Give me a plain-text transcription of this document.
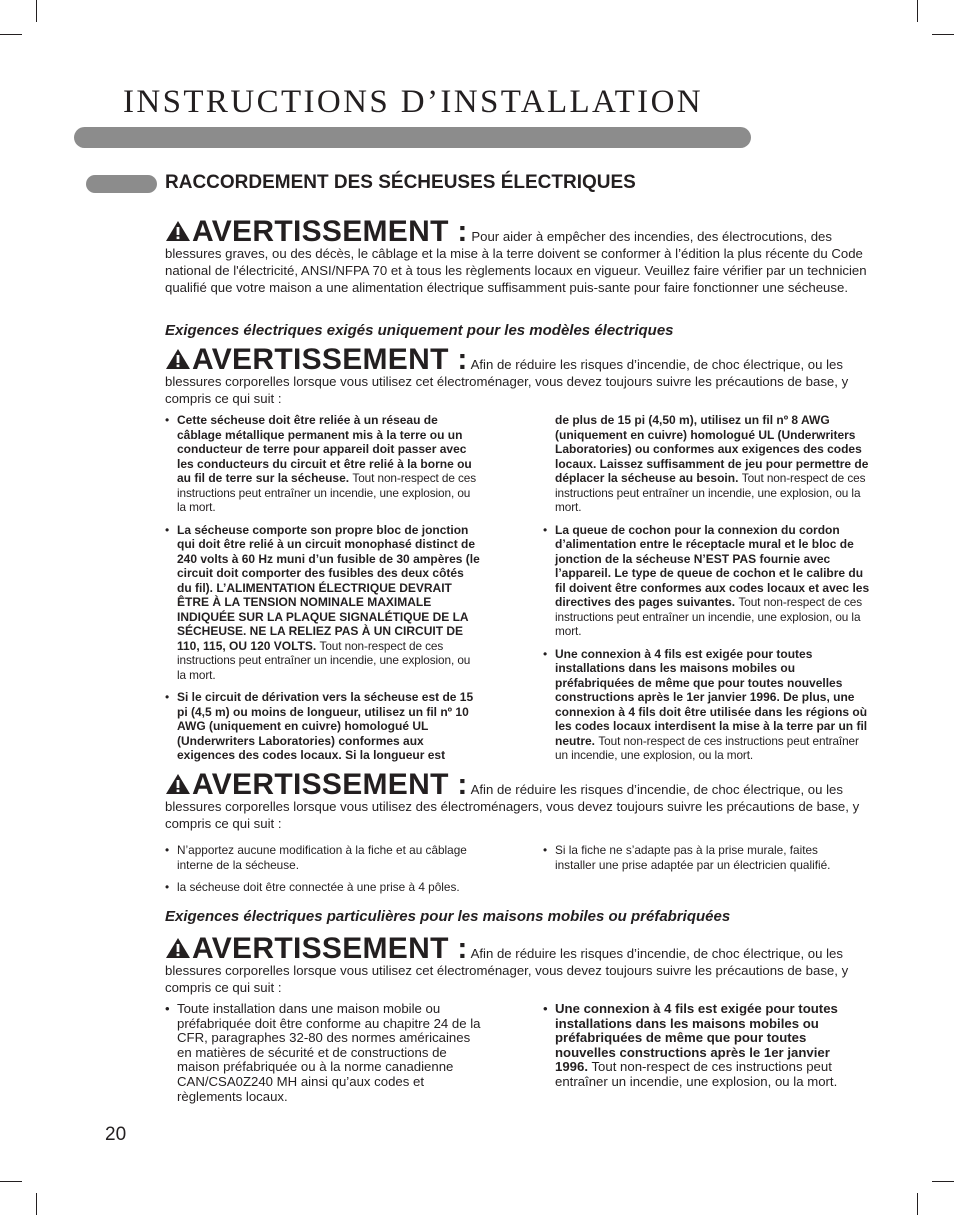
INSTRUCTIONS D’INSTALLATION
RACCORDEMENT DES SÉCHEUSES ÉLECTRIQUES
AVERTISSEMENT : Pour aider à empêcher des incendies, des électrocutions, des blessures graves, ou des décès, le câblage et la mise à la terre doivent se conformer à l’édition la plus récente du Code national de l'électricité, ANSI/NFPA 70 et à tous les règlements locaux en vigueur. Veuillez faire vérifier par un technicien qualifié que votre maison a une alimentation électrique suffisamment puis-sante pour faire fonctionner une sécheuse.
Exigences électriques exigés uniquement pour les modèles électriques
AVERTISSEMENT : Afin de réduire les risques d’incendie, de choc électrique, ou les blessures corporelles lorsque vous utilisez cet électroménager, vous devez toujours suivre les précautions de base, y compris ce qui suit :
• Cette sécheuse doit être reliée à un réseau de câblage métallique permanent mis à la terre ou un conducteur de terre pour appareil doit passer avec les conducteurs du circuit et être relié à la borne ou au fil de terre sur la sécheuse. Tout non-respect de ces instructions peut entraîner un incendie, une explosion, ou la mort.
• La sécheuse comporte son propre bloc de jonction qui doit être relié à un circuit monophasé distinct de 240 volts à 60 Hz muni d’un fusible de 30 ampères (le circuit doit comporter des fusibles des deux côtés du fil). L’ALIMENTATION ÉLECTRIQUE DEVRAIT ÊTRE À LA TENSION NOMINALE MAXIMALE INDIQUÉE SUR LA PLAQUE SIGNALÉTIQUE DE LA SÉCHEUSE. NE LA RELIEZ PAS À UN CIRCUIT DE 110, 115, OU 120 VOLTS. Tout non-respect de ces instructions peut entraîner un incendie, une explosion, ou la mort.
• Si le circuit de dérivation vers la sécheuse est de 15 pi (4,5 m) ou moins de longueur, utilisez un fil nº 10 AWG (uniquement en cuivre) homologué UL (Underwriters Laboratories) conformes aux exigences des codes locaux. Si la longueur est
de plus de 15 pi (4,50 m), utilisez un fil nº 8 AWG (uniquement en cuivre) homologué UL (Underwriters Laboratories) ou conformes aux exigences des codes locaux. Laissez suffisamment de jeu pour permettre de déplacer la sécheuse au besoin. Tout non-respect de ces instructions peut entraîner un incendie, une explosion, ou la mort.
• La queue de cochon pour la connexion du cordon d’alimentation entre le réceptacle mural et le bloc de jonction de la sécheuse N’EST PAS fournie avec l’appareil. Le type de queue de cochon et le calibre du fil doivent être conformes aux codes locaux et avec les directives des pages suivantes. Tout non-respect de ces instructions peut entraîner un incendie, une explosion, ou la mort.
• Une connexion à 4 fils est exigée pour toutes installations dans les maisons mobiles ou préfabriquées de même que pour toutes nouvelles constructions après le 1er janvier 1996. De plus, une connexion à 4 fils doit être utilisée dans les régions où les codes locaux interdisent la mise à la terre par un fil neutre. Tout non-respect de ces instructions peut entraîner un incendie, une explosion, ou la mort.
AVERTISSEMENT : Afin de réduire les risques d’incendie, de choc électrique, ou les blessures corporelles lorsque vous utilisez des électroménagers, vous devez toujours suivre les précautions de base, y compris ce qui suit :
• N’apportez aucune modification à la fiche et au câblage interne de la sécheuse.
• la sécheuse doit être connectée à une prise à 4 pôles.
• Si la fiche ne s’adapte pas à la prise murale, faites installer une prise adaptée par un électricien qualifié.
Exigences électriques particulières pour les maisons mobiles ou préfabriquées
AVERTISSEMENT : Afin de réduire les risques d’incendie, de choc électrique, ou les blessures corporelles lorsque vous utilisez cet électroménager, vous devez toujours suivre les précautions de base, y compris ce qui suit :
• Toute installation dans une maison mobile ou préfabriquée doit être conforme au chapitre 24 de la CFR, paragraphes 32-80 des normes américaines en matières de sécurité et de constructions de maison préfabriquée ou à la norme canadienne CAN/CSA0Z240 MH ainsi qu’aux codes et règlements locaux.
• Une connexion à 4 fils est exigée pour toutes installations dans les maisons mobiles ou préfabriquées de même que pour toutes nouvelles constructions après le 1er janvier 1996. Tout non-respect de ces instructions peut entraîner un incendie, une explosion, ou la mort.
20
